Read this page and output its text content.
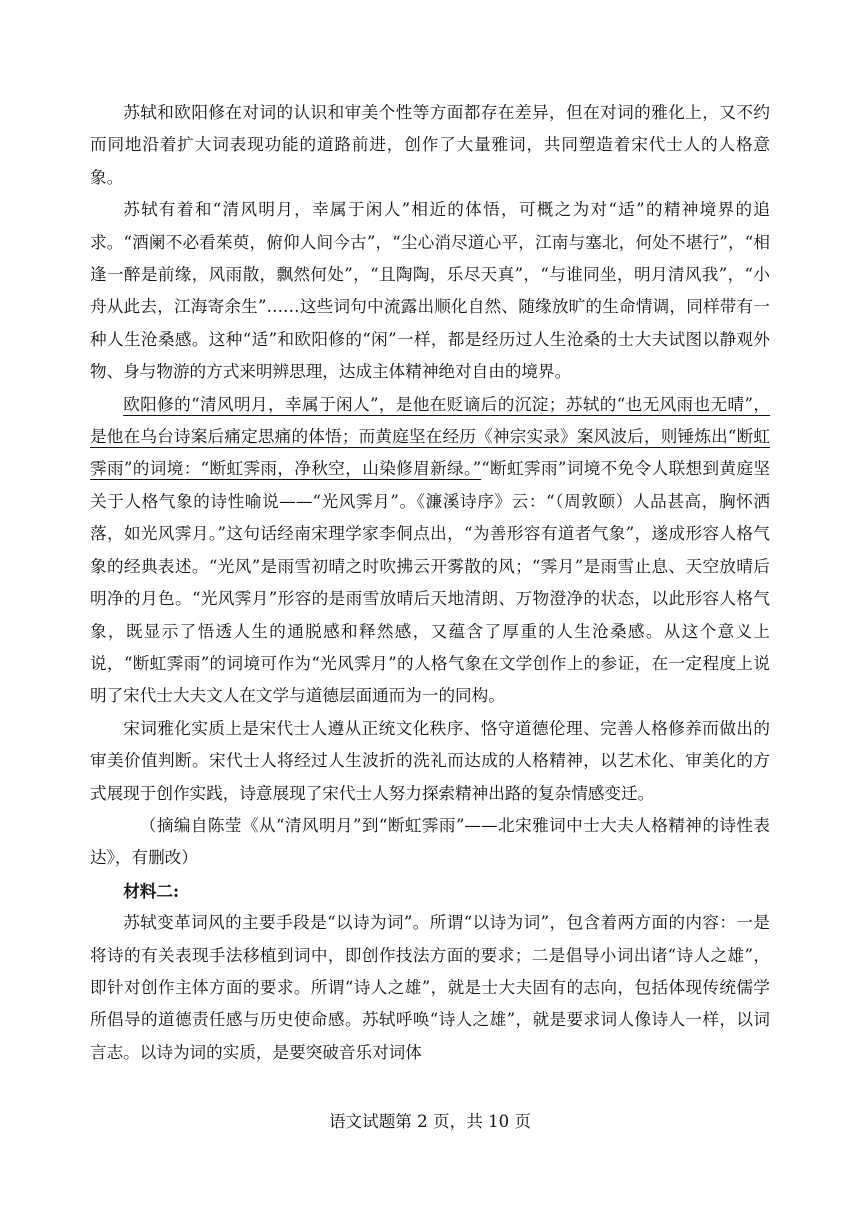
苏轼和欧阳修在对词的认识和审美个性等方面都存在差异，但在对词的雅化上，又不约而同地沿着扩大词表现功能的道路前进，创作了大量雅词，共同塑造着宋代士人的人格意象。

苏轼有着和“清风明月，幸属于闲人”相近的体悟，可概之为对“适”的精神境界的追求。“酒阑不必看茱萸，俯仰人间今古”，“尘心消尽道心平，江南与塞北，何处不堪行”，“相逢一醉是前缘，风雨散，飘然何处”，“且陶陶，乐尽天真”，“与谁同坐，明月清风我”，“小舟从此去，江海寄余生”……这些词句中流露出顺化自然、随缘放旷的生命情调，同样带有一种人生沧桑感。这种“适”和欧阳修的“闲”一样，都是经历过人生沧桑的士大夫试图以静观外物、身与物游的方式来明辨思理，达成主体精神绝对自由的境界。

欧阳修的“清风明月，幸属于闲人”，是他在贬谪后的沉淀；苏轼的“也无风雨也无晴”，是他在乌台诗案后痛定思痛的体悟；而黄庭坚在经历《神宗实录》案风波后，则锤炼出“断虹霁雨”的词境：“断虹霁雨，净秋空，山染修眉新绿。”“断虹霁雨”词境不免令人联想到黄庭坚关于人格气象的诗性喻说——“光风霁月”。《濂溪诗序》云：“（周敦颐）人品甚高，胸怀洒落，如光风霁月。”这句话经南宋理学家李侗点出，“为善形容有道者气象”，遂成形容人格气象的经典表述。“光风”是雨雪初晴之时吹拂云开雾散的风；“霁月”是雨雪止息、天空放晴后明净的月色。“光风霁月”形容的是雨雪放晴后天地清朗、万物澄净的状态，以此形容人格气象，既显示了悟透人生的通脱感和释然感，又蕴含了厚重的人生沧桑感。从这个意义上说，“断虹霁雨”的词境可作为“光风霁月”的人格气象在文学创作上的参证，在一定程度上说明了宋代士大夫文人在文学与道德层面通而为一的同构。

宋词雅化实质上是宋代士人遵从正统文化秩序、恪守道德伦理、完善人格修养而做出的审美价值判断。宋代士人将经过人生波折的洗礼而达成的人格精神，以艺术化、审美化的方式展现于创作实践，诗意展现了宋代士人努力探索精神出路的复杂情感变迁。

（摘编自陈莹《从“清风明月”到“断虹霁雨”——北宋雅词中士大夫人格精神的诗性表达》，有删改）

材料二:

苏轼变革词风的主要手段是“以诗为词”。所谓“以诗为词”，包含着两方面的内容：一是将诗的有关表现手法移植到词中，即创作技法方面的要求；二是倡导小词出诸“诗人之雄”，即针对创作主体方面的要求。所谓“诗人之雄”，就是士大夫固有的志向，包括体现传统儒学所倡导的道德责任感与历史使命感。苏轼呼唤“诗人之雄”，就是要求词人像诗人一样，以词言志。以诗为词的实质，是要突破音乐对词体

语文试题第 2 页，共 10 页
